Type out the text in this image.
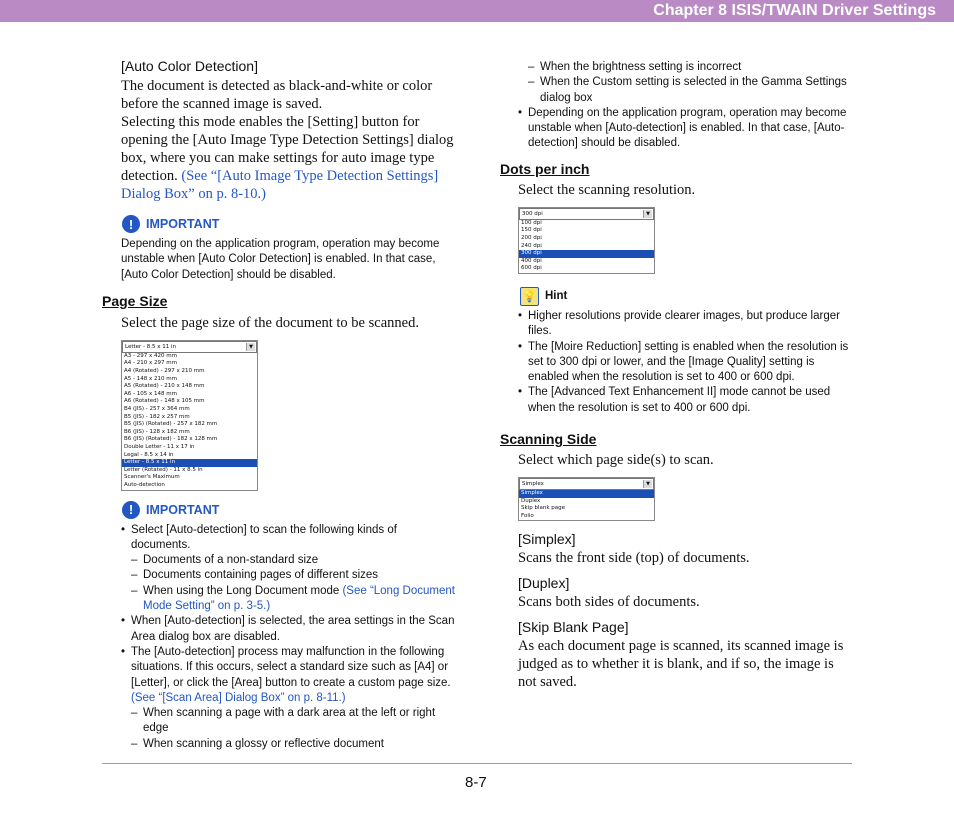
Chapter 8 ISIS/TWAIN Driver Settings

[Auto Color Detection]

The document is detected as black-and-white or color before the scanned image is saved.

Selecting this mode enables the [Setting] button for opening the [Auto Image Type Detection Settings] dialog box, where you can make settings for auto image type detection. (See “[Auto Image Type Detection Settings] Dialog Box” on p. 8-10.)

!	IMPORTANT

Depending on the application program, operation may become unstable when [Auto Color Detection] is enabled. In that case, [Auto Color Detection] should be disabled.

Page Size

Select the page size of the document to be scanned.

Letter - 8.5 x 11 in	▼
A3 - 297 x 420 mm
A4 - 210 x 297 mm
A4 (Rotated) - 297 x 210 mm
A5 - 148 x 210 mm
A5 (Rotated) - 210 x 148 mm
A6 - 105 x 148 mm
A6 (Rotated) - 148 x 105 mm
B4 (JIS) - 257 x 364 mm
B5 (JIS) - 182 x 257 mm
B5 (JIS) (Rotated) - 257 x 182 mm
B6 (JIS) - 128 x 182 mm
B6 (JIS) (Rotated) - 182 x 128 mm
Double Letter - 11 x 17 in
Legal - 8.5 x 14 in
Letter - 8.5 x 11 in
Letter (Rotated) - 11 x 8.5 in
Scanner's Maximum
Auto-detection
!	IMPORTANT
• Select [Auto-detection] to scan the following kinds of documents.
– Documents of a non-standard size
– Documents containing pages of different sizes
– When using the Long Document mode (See “Long Document Mode Setting” on p. 3-5.)
• When [Auto-detection] is selected, the area settings in the Scan Area dialog box are disabled.
• The [Auto-detection] process may malfunction in the following situations. If this occurs, select a standard size such as [A4] or [Letter], or click the [Area] button to create a custom page size. (See “[Scan Area] Dialog Box” on p. 8-11.)
– When scanning a page with a dark area at the left or right edge
– When scanning a glossy or reflective document
– When the brightness setting is incorrect
– When the Custom setting is selected in the Gamma Settings dialog box
• Depending on the application program, operation may become unstable when [Auto-detection] is enabled. In that case, [Auto-detection] should be disabled.

Dots per inch

Select the scanning resolution.

300 dpi	▼
100 dpi
150 dpi
200 dpi
240 dpi
300 dpi
400 dpi
600 dpi
💡 Hint
• Higher resolutions provide clearer images, but produce larger files.
• The [Moire Reduction] setting is enabled when the resolution is set to 300 dpi or lower, and the [Image Quality] setting is enabled when the resolution is set to 400 or 600 dpi.
• The [Advanced Text Enhancement II] mode cannot be used when the resolution is set to 400 or 600 dpi.

Scanning Side

Select which page side(s) to scan.

Simplex	▼
Simplex
Duplex
Skip blank page
Folio

[Simplex]

Scans the front side (top) of documents.

[Duplex]

Scans both sides of documents.

[Skip Blank Page]

As each document page is scanned, its scanned image is judged as to whether it is blank, and if so, the image is not saved.

8-7
